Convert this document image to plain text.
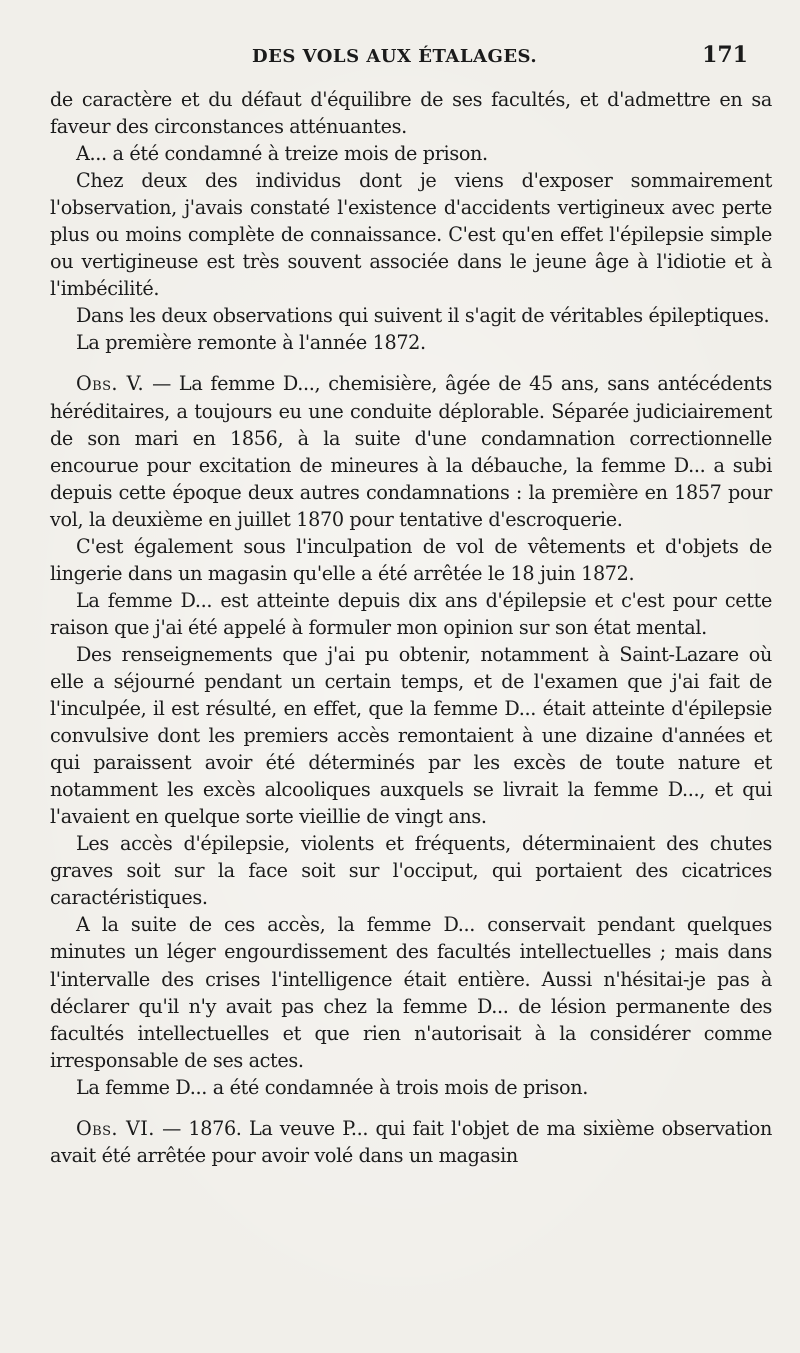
DES VOLS AUX ÉTALAGES.	171

de caractère et du défaut d'équilibre de ses facultés, et d'admettre en sa faveur des circonstances atténuantes.

A... a été condamné à treize mois de prison.

Chez deux des individus dont je viens d'exposer sommairement l'observation, j'avais constaté l'existence d'accidents vertigineux avec perte plus ou moins complète de connaissance. C'est qu'en effet l'épilepsie simple ou vertigineuse est très souvent associée dans le jeune âge à l'idiotie et à l'imbécilité.

Dans les deux observations qui suivent il s'agit de véritables épileptiques.

La première remonte à l'année 1872.

Obs. V. — La femme D..., chemisière, âgée de 45 ans, sans antécédents héréditaires, a toujours eu une conduite déplorable. Séparée judiciairement de son mari en 1856, à la suite d'une condamnation correctionnelle encourue pour excitation de mineures à la débauche, la femme D... a subi depuis cette époque deux autres condamnations : la première en 1857 pour vol, la deuxième en juillet 1870 pour tentative d'escroquerie.

C'est également sous l'inculpation de vol de vêtements et d'objets de lingerie dans un magasin qu'elle a été arrêtée le 18 juin 1872.

La femme D... est atteinte depuis dix ans d'épilepsie et c'est pour cette raison que j'ai été appelé à formuler mon opinion sur son état mental.

Des renseignements que j'ai pu obtenir, notamment à Saint-Lazare où elle a séjourné pendant un certain temps, et de l'examen que j'ai fait de l'inculpée, il est résulté, en effet, que la femme D... était atteinte d'épilepsie convulsive dont les premiers accès remontaient à une dizaine d'années et qui paraissent avoir été déterminés par les excès de toute nature et notamment les excès alcooliques auxquels se livrait la femme D..., et qui l'avaient en quelque sorte vieillie de vingt ans.

Les accès d'épilepsie, violents et fréquents, déterminaient des chutes graves soit sur la face soit sur l'occiput, qui portaient des cicatrices caractéristiques.

A la suite de ces accès, la femme D... conservait pendant quelques minutes un léger engourdissement des facultés intellectuelles ; mais dans l'intervalle des crises l'intelligence était entière. Aussi n'hésitai-je pas à déclarer qu'il n'y avait pas chez la femme D... de lésion permanente des facultés intellectuelles et que rien n'autorisait à la considérer comme irresponsable de ses actes.

La femme D... a été condamnée à trois mois de prison.

Obs. VI. — 1876. La veuve P... qui fait l'objet de ma sixième observation avait été arrêtée pour avoir volé dans un magasin
